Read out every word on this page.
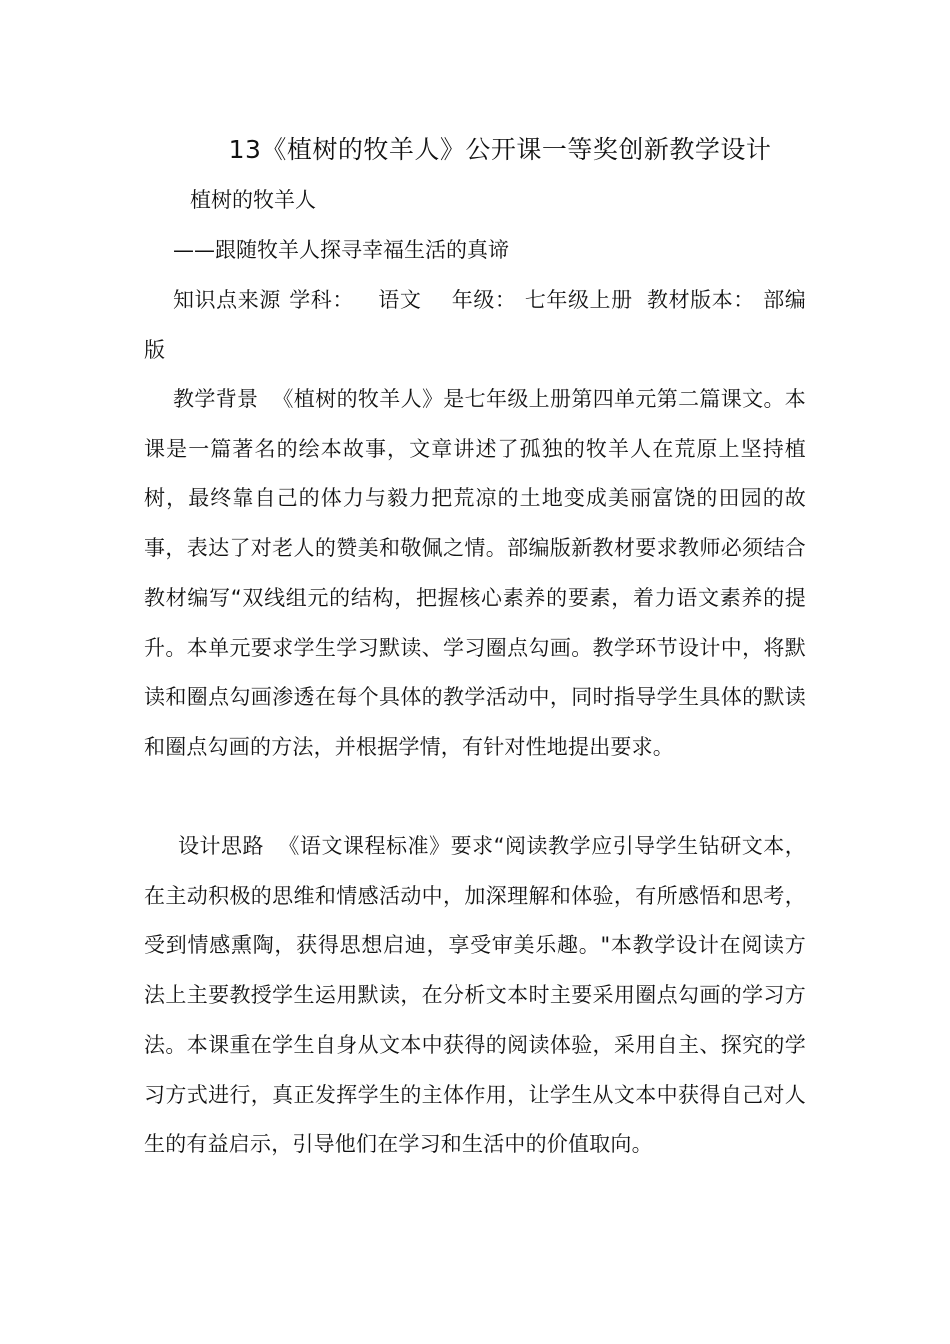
13《植树的牧羊人》公开课一等奖创新教学设计
植树的牧羊人
——跟随牧羊人探寻幸福生活的真谛
知识点来源 学科： 语文 年级： 七年级上册 教材版本： 部编版
教学背景 《植树的牧羊人》是七年级上册第四单元第二篇课文。本课是一篇著名的绘本故事，文章讲述了孤独的牧羊人在荒原上坚持植树，最终靠自己的体力与毅力把荒凉的土地变成美丽富饶的田园的故事，表达了对老人的赞美和敬佩之情。部编版新教材要求教师必须结合教材编写“双线组元的结构，把握核心素养的要素，着力语文素养的提升。本单元要求学生学习默读、学习圈点勾画。教学环节设计中，将默读和圈点勾画渗透在每个具体的教学活动中，同时指导学生具体的默读和圈点勾画的方法，并根据学情，有针对性地提出要求。
设计思路 《语文课程标准》要求“阅读教学应引导学生钻研文本，在主动积极的思维和情感活动中，加深理解和体验，有所感悟和思考，受到情感熏陶，获得思想启迪，享受审美乐趣。"本教学设计在阅读方法上主要教授学生运用默读，在分析文本时主要采用圈点勾画的学习方法。本课重在学生自身从文本中获得的阅读体验，采用自主、探究的学习方式进行，真正发挥学生的主体作用，让学生从文本中获得自己对人生的有益启示，引导他们在学习和生活中的价值取向。
